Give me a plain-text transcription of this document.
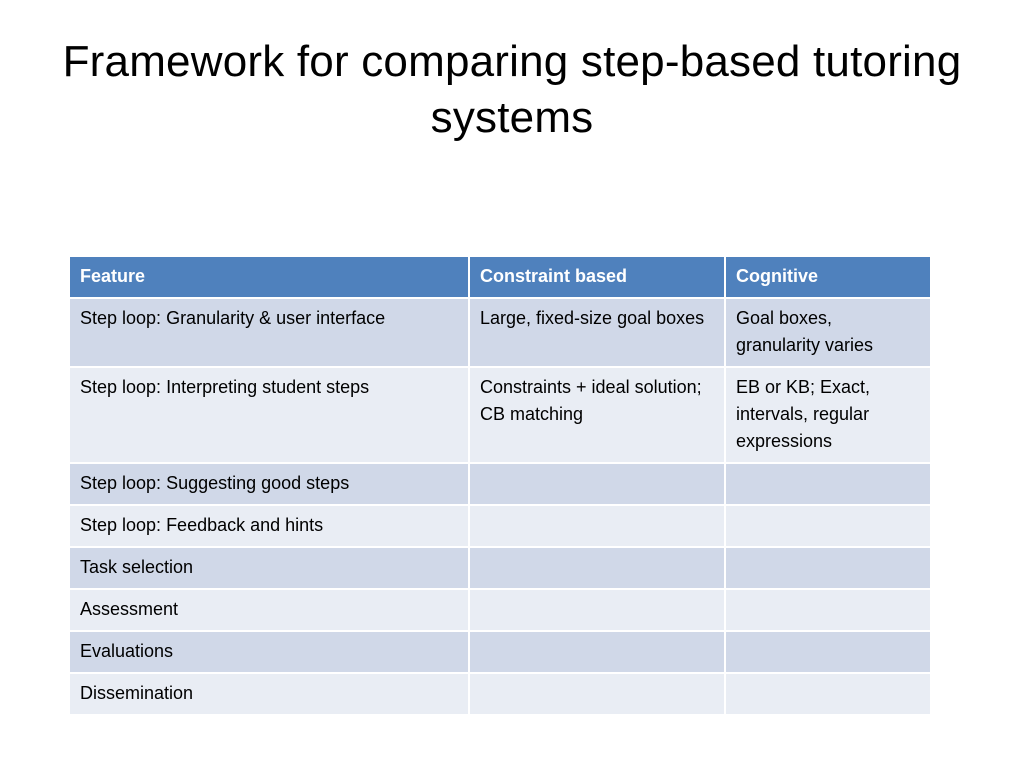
Framework for comparing step-based tutoring systems
Feature	Constraint based	Cognitive
Step loop: Granularity & user interface	Large, fixed-size goal boxes	Goal boxes, granularity varies
Step loop: Interpreting student steps	Constraints + ideal solution; CB matching	EB or KB; Exact, intervals, regular expressions
Step loop: Suggesting good steps		
Step loop: Feedback and hints		
Task selection		
Assessment		
Evaluations		
Dissemination		
